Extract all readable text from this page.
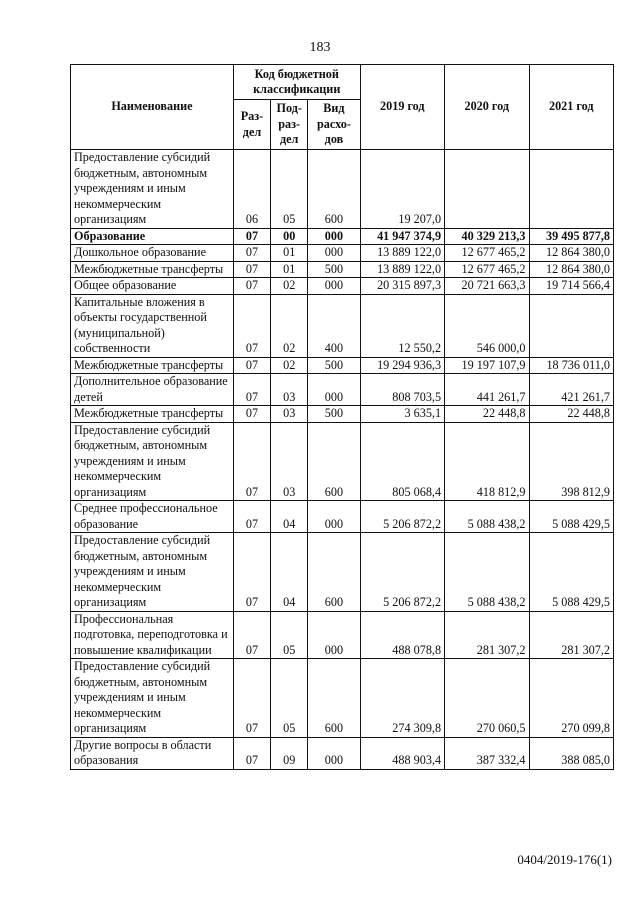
183
Наименование	Код бюджетной классификации			2019 год	2020 год	2021 год
	Раз-дел	Под-раз-дел	Вид расхо-дов			
Предоставление субсидий бюджетным, автономным учреждениям и иным некоммерческим организациям	06	05	600	19 207,0		
Образование	07	00	000	41 947 374,9	40 329 213,3	39 495 877,8
Дошкольное образование	07	01	000	13 889 122,0	12 677 465,2	12 864 380,0
Межбюджетные трансферты	07	01	500	13 889 122,0	12 677 465,2	12 864 380,0
Общее образование	07	02	000	20 315 897,3	20 721 663,3	19 714 566,4
Капитальные вложения в объекты государственной (муниципальной) собственности	07	02	400	12 550,2	546 000,0	
Межбюджетные трансферты	07	02	500	19 294 936,3	19 197 107,9	18 736 011,0
Дополнительное образование детей	07	03	000	808 703,5	441 261,7	421 261,7
Межбюджетные трансферты	07	03	500	3 635,1	22 448,8	22 448,8
Предоставление субсидий бюджетным, автономным учреждениям и иным некоммерческим организациям	07	03	600	805 068,4	418 812,9	398 812,9
Среднее профессиональное образование	07	04	000	5 206 872,2	5 088 438,2	5 088 429,5
Предоставление субсидий бюджетным, автономным учреждениям и иным некоммерческим организациям	07	04	600	5 206 872,2	5 088 438,2	5 088 429,5
Профессиональная подготовка, переподготовка и повышение квалификации	07	05	000	488 078,8	281 307,2	281 307,2
Предоставление субсидий бюджетным, автономным учреждениям и иным некоммерческим организациям	07	05	600	274 309,8	270 060,5	270 099,8
Другие вопросы в области образования	07	09	000	488 903,4	387 332,4	388 085,0
0404/2019-176(1)
